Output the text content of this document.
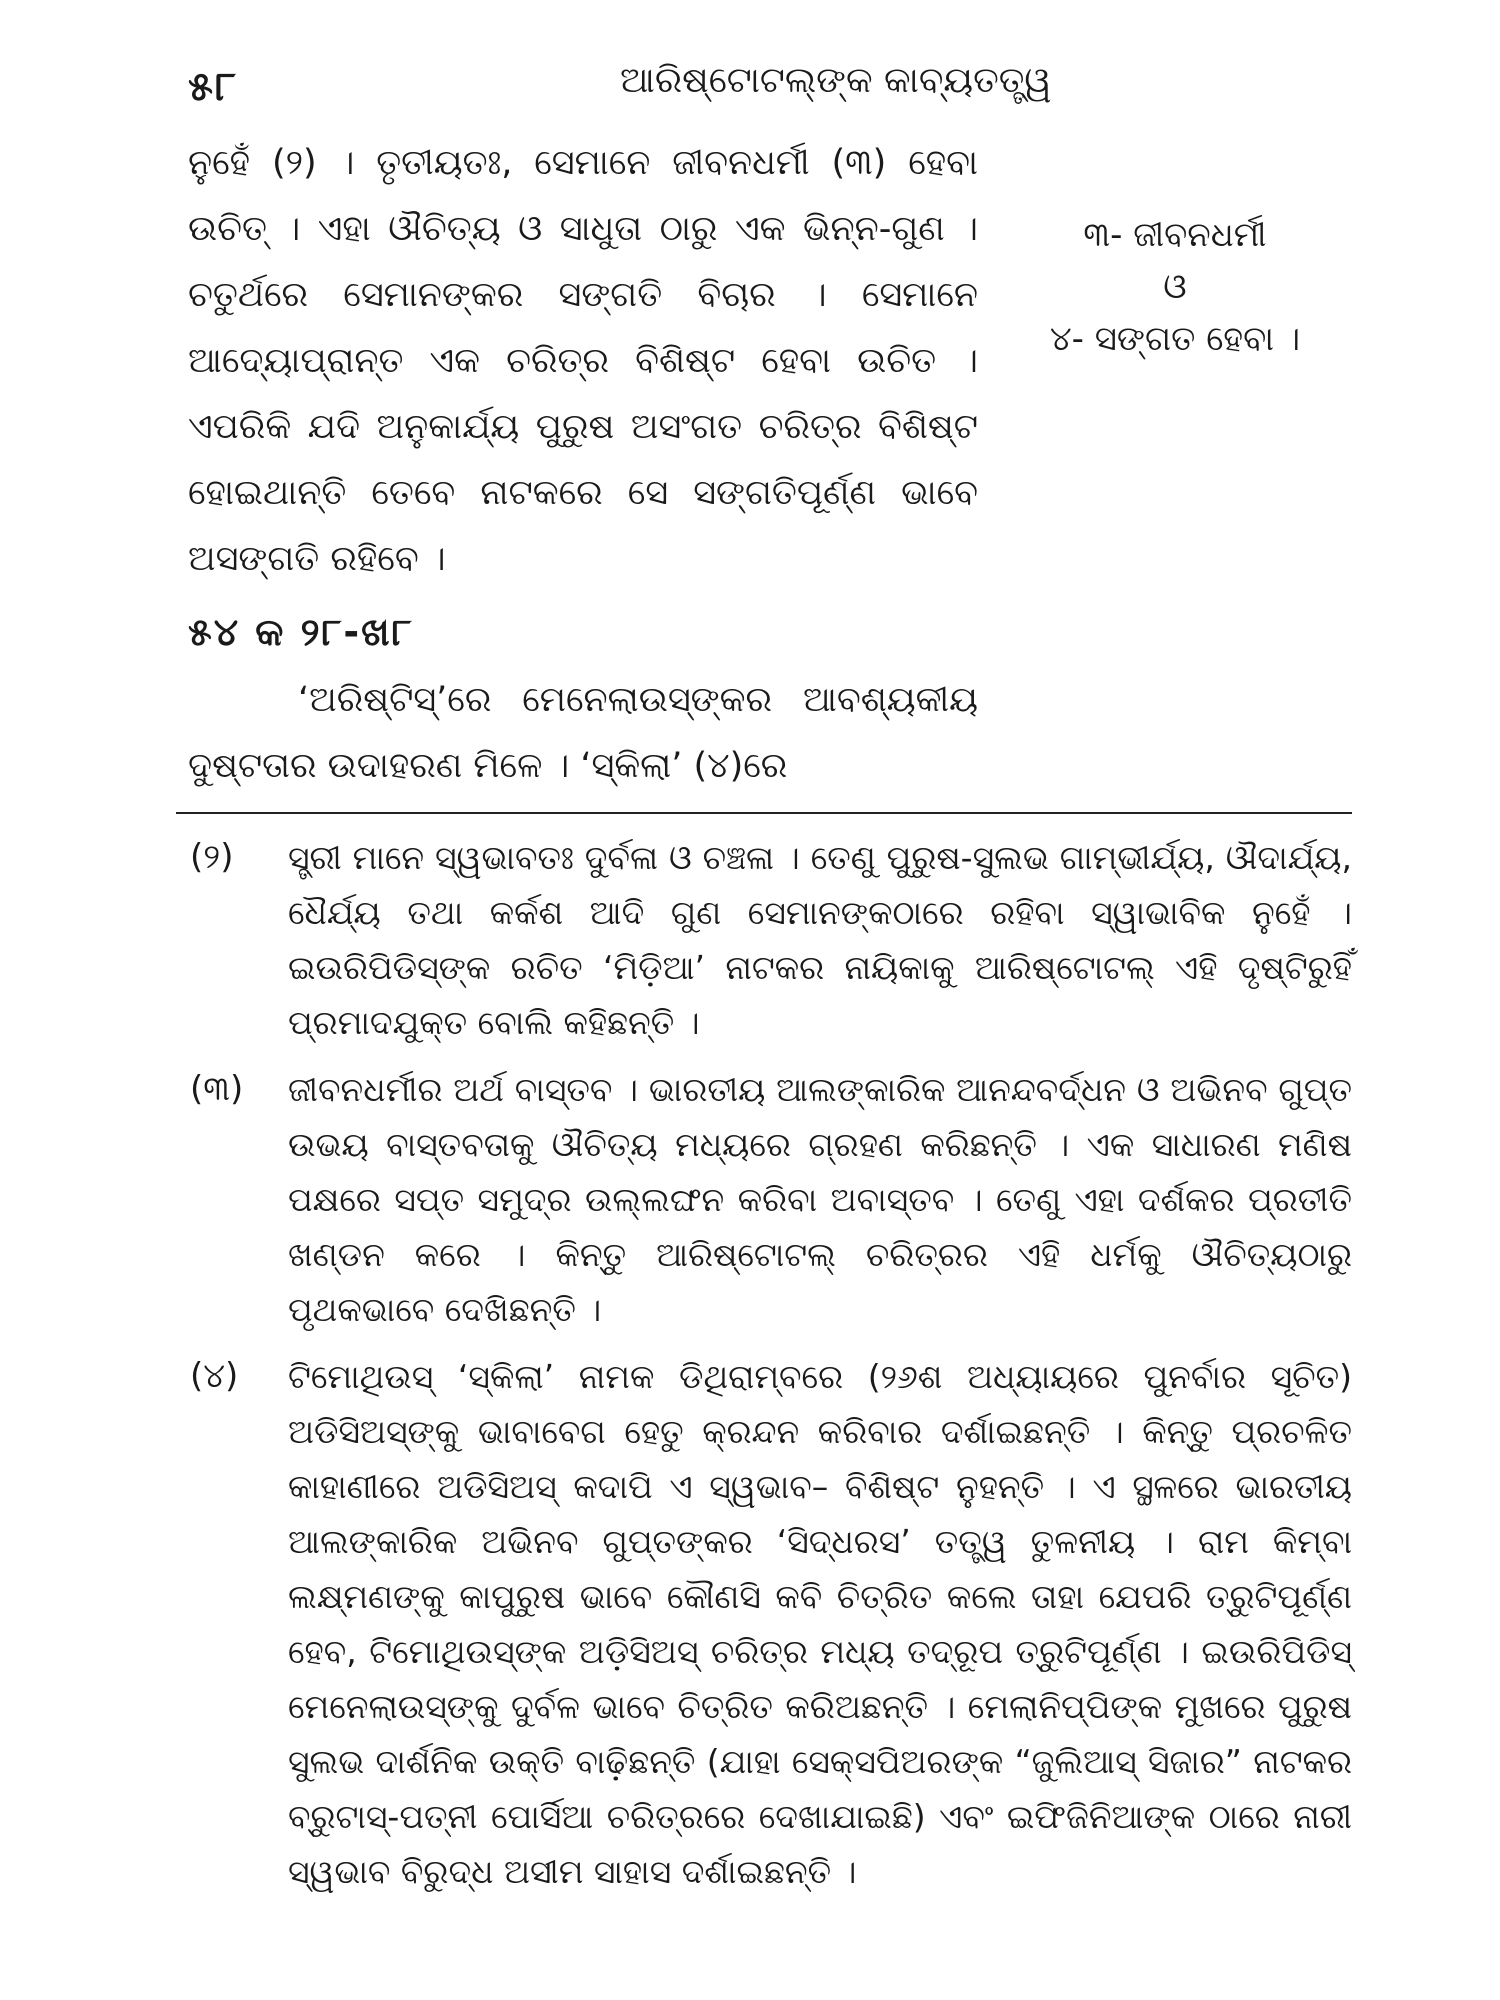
୫୮	ଆରିଷ୍ଟୋଟଲ୍‌ଙ୍କ କାବ୍ୟତତ୍ତ୍ୱ

ନୁହେଁ (୨) । ତୃତୀୟତଃ, ସେମାନେ ଜୀବନଧର୍ମୀ (୩) ହେବା ଉଚିତ୍ । ଏହା ଔଚିତ୍ୟ ଓ ସାଧୁତା ଠାରୁ ଏକ ଭିନ୍ନ-ଗୁଣ । ଚତୁର୍ଥରେ ସେମାନଙ୍କର ସଙ୍ଗତି ବିଚାର । ସେମାନେ ଆଦ୍ୟୋପ୍ରାନ୍ତ ଏକ ଚରିତ୍ର ବିଶିଷ୍ଟ ହେବା ଉଚିତ । ଏପରିକି ଯଦି ଅନୁକାର୍ଯ୍ୟ ପୁରୁଷ ଅସଂଗତ ଚରିତ୍ର ବିଶିଷ୍ଟ ହୋଇଥାନ୍ତି ତେବେ ନାଟକରେ ସେ ସଙ୍ଗତିପୂର୍ଣ୍ଣ ଭାବେ ଅସଙ୍ଗତି ରହିବେ ।

୫୪ କ ୨୮-ଖ୮

‘ଅରିଷ୍ଟିସ୍’ରେ ମେନେଲାଉସ୍‌ଙ୍କର ଆବଶ୍ୟକୀୟ ଦୁଷ୍ଟତାର ଉଦାହରଣ ମିଳେ । ‘ସ୍କିଲା’ (୪)ରେ

୩- ଜୀବନଧର୍ମୀ
ଓ
୪- ସଙ୍ଗତ ହେବା ।
(୨)	ସ୍ତ୍ରୀ ମାନେ ସ୍ୱଭାବତଃ ଦୁର୍ବଳା ଓ ଚଞ୍ଚଳା । ତେଣୁ ପୁରୁଷ-ସୁଲଭ ଗାମ୍ଭୀର୍ଯ୍ୟ, ଔଦାର୍ଯ୍ୟ, ଧୈର୍ଯ୍ୟ ତଥା କର୍କଶ ଆଦି ଗୁଣ ସେମାନଙ୍କଠାରେ ରହିବା ସ୍ୱାଭାବିକ ନୁହେଁ । ଇଉରିପିଡିସ୍‌ଙ୍କ ରଚିତ ‘ମିଡ଼ିଆ’ ନାଟକର ନାୟିକାକୁ ଆରିଷ୍ଟୋଟଲ୍ ଏହି ଦୃଷ୍ଟିରୁହିଁ ପ୍ରମାଦଯୁକ୍ତ ବୋଲି କହିଛନ୍ତି ।

(୩)	ଜୀବନଧର୍ମୀର ଅର୍ଥ ବାସ୍ତବ । ଭାରତୀୟ ଆଲଙ୍କାରିକ ଆନନ୍ଦବର୍ଦ୍ଧନ ଓ ଅଭିନବ ଗୁପ୍ତ ଉଭୟ ବାସ୍ତବତାକୁ ଔଚିତ୍ୟ ମଧ୍ୟରେ ଗ୍ରହଣ କରିଛନ୍ତି । ଏକ ସାଧାରଣ ମଣିଷ ପକ୍ଷରେ ସପ୍ତ ସମୁଦ୍ର ଉଲ୍ଲଙ୍ଘନ କରିବା ଅବାସ୍ତବ । ତେଣୁ ଏହା ଦର୍ଶକର ପ୍ରତୀତି ଖଣ୍ଡନ କରେ । କିନ୍ତୁ ଆରିଷ୍ଟୋଟଲ୍ ଚରିତ୍ରର ଏହି ଧର୍ମକୁ ଔଚିତ୍ୟଠାରୁ ପୃଥକଭାବେ ଦେଖିଛନ୍ତି ।

(୪)	ଟିମୋଥିଉସ୍ ‘ସ୍କିଲା’ ନାମକ ଡିଥିରାମ୍ବରେ (୨୬ଶ ଅଧ୍ୟାୟରେ ପୁନର୍ବାର ସୂଚିତ) ଅଡିସିଅସ୍‌ଙ୍କୁ ଭାବାବେଗ ହେତୁ କ୍ରନ୍ଦନ କରିବାର ଦର୍ଶାଇଛନ୍ତି । କିନ୍ତୁ ପ୍ରଚଳିତ କାହାଣୀରେ ଅଡିସିଅସ୍ କଦାପି ଏ ସ୍ୱଭାବ– ବିଶିଷ୍ଟ ନୁହନ୍ତି । ଏ ସ୍ଥଳରେ ଭାରତୀୟ ଆଲଙ୍କାରିକ ଅଭିନବ ଗୁପ୍ତଙ୍କର ‘ସିଦ୍ଧରସ’ ତତ୍ତ୍ୱ ତୁଳନୀୟ । ରାମ କିମ୍ବା ଲକ୍ଷ୍ମଣଙ୍କୁ କାପୁରୁଷ ଭାବେ କୌଣସି କବି ଚିତ୍ରିତ କଲେ ତାହା ଯେପରି ତ୍ରୁଟିପୂର୍ଣ୍ଣ ହେବ, ଟିମୋଥିଉସ୍‌ଙ୍କ ଅଡ଼ିସିଅସ୍ ଚରିତ୍ର ମଧ୍ୟ ତଦ୍ରୂପ ତ୍ରୁଟିପୂର୍ଣ୍ଣ । ଇଉରିପିଡିସ୍ ମେନେଲାଉସ୍‌ଙ୍କୁ ଦୁର୍ବଳ ଭାବେ ଚିତ୍ରିତ କରିଅଛନ୍ତି । ମେଲାନିପ୍‌ପିଙ୍କ ମୁଖରେ ପୁରୁଷ ସୁଲଭ ଦାର୍ଶନିକ ଉକ୍ତି ବାଢ଼ିଛନ୍ତି (ଯାହା ସେକ୍‌ସପିଅରଙ୍କ “ଜୁଲିଆସ୍ ସିଜାର” ନାଟକର ବ୍ରୁଟାସ୍-ପତ୍ନୀ ପୋର୍ସିଆ ଚରିତ୍ରରେ ଦେଖାଯାଇଛି) ଏବଂ ଇଫିଜିନିଆଙ୍କ ଠାରେ ନାରୀ ସ୍ୱଭାବ ବିରୁଦ୍ଧ ଅସୀମ ସାହାସ ଦର୍ଶାଇଛନ୍ତି ।
